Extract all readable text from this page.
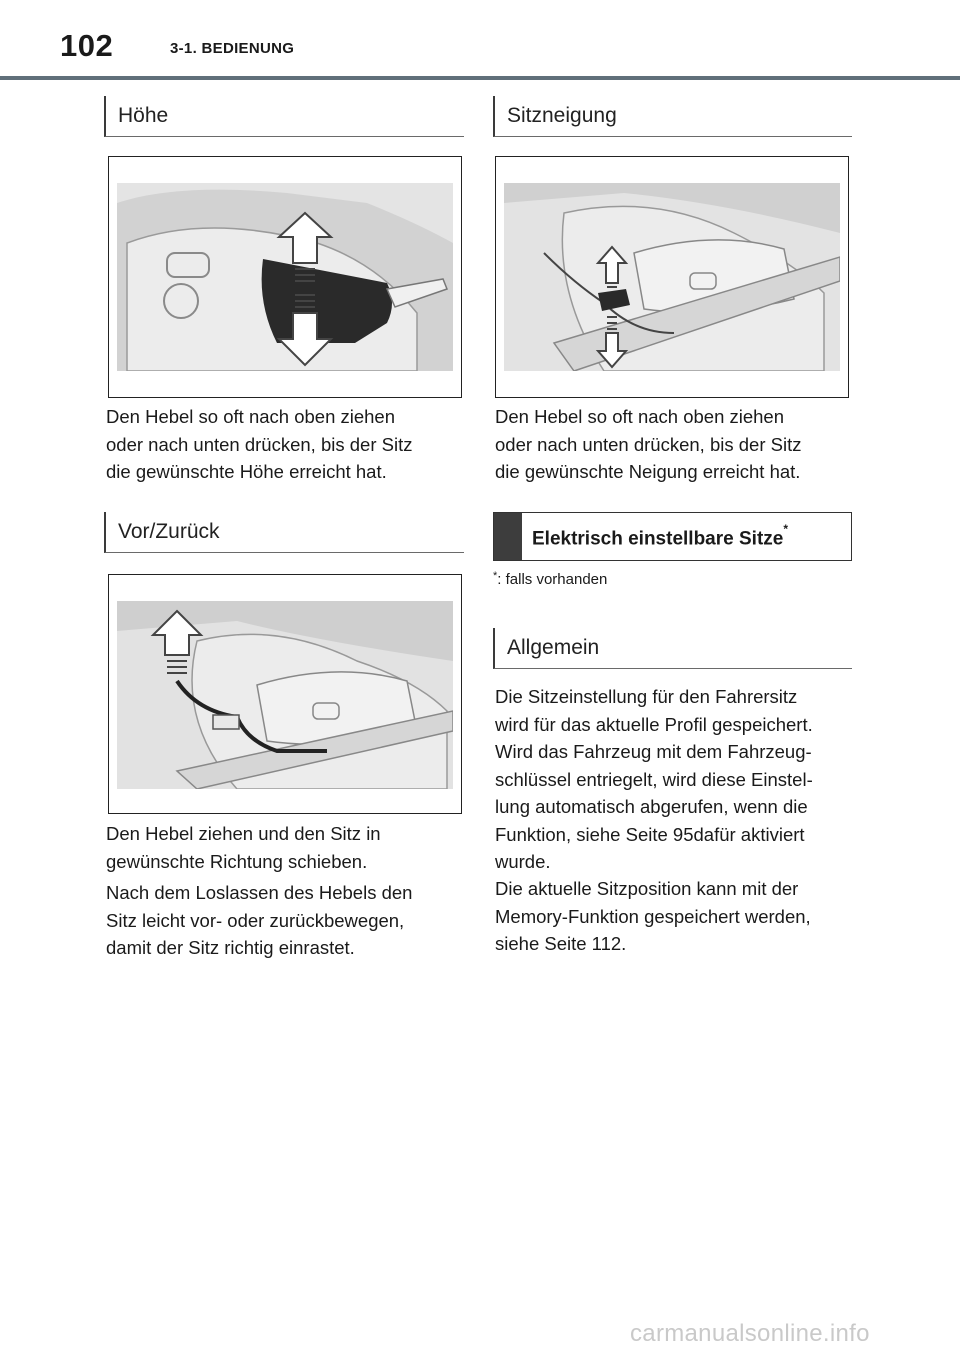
102	3-1. BEDIENUNG
Höhe
Den Hebel so oft nach oben ziehen
oder nach unten drücken, bis der Sitz
die gewünschte Höhe erreicht hat.
Vor/Zurück
Den Hebel ziehen und den Sitz in
gewünschte Richtung schieben.
Nach dem Loslassen des Hebels den
Sitz leicht vor- oder zurückbewegen,
damit der Sitz richtig einrastet.
Sitzneigung
Den Hebel so oft nach oben ziehen
oder nach unten drücken, bis der Sitz
die gewünschte Neigung erreicht hat.
Elektrisch einstellbare Sitze*
*: falls vorhanden
Allgemein
Die Sitzeinstellung für den Fahrersitz
wird für das aktuelle Profil gespeichert.
Wird das Fahrzeug mit dem Fahrzeug-
schlüssel entriegelt, wird diese Einstel-
lung automatisch abgerufen, wenn die
Funktion, siehe Seite 95dafür aktiviert
wurde.
Die aktuelle Sitzposition kann mit der
Memory-Funktion gespeichert werden,
siehe Seite 112.
carmanualsonline.info
